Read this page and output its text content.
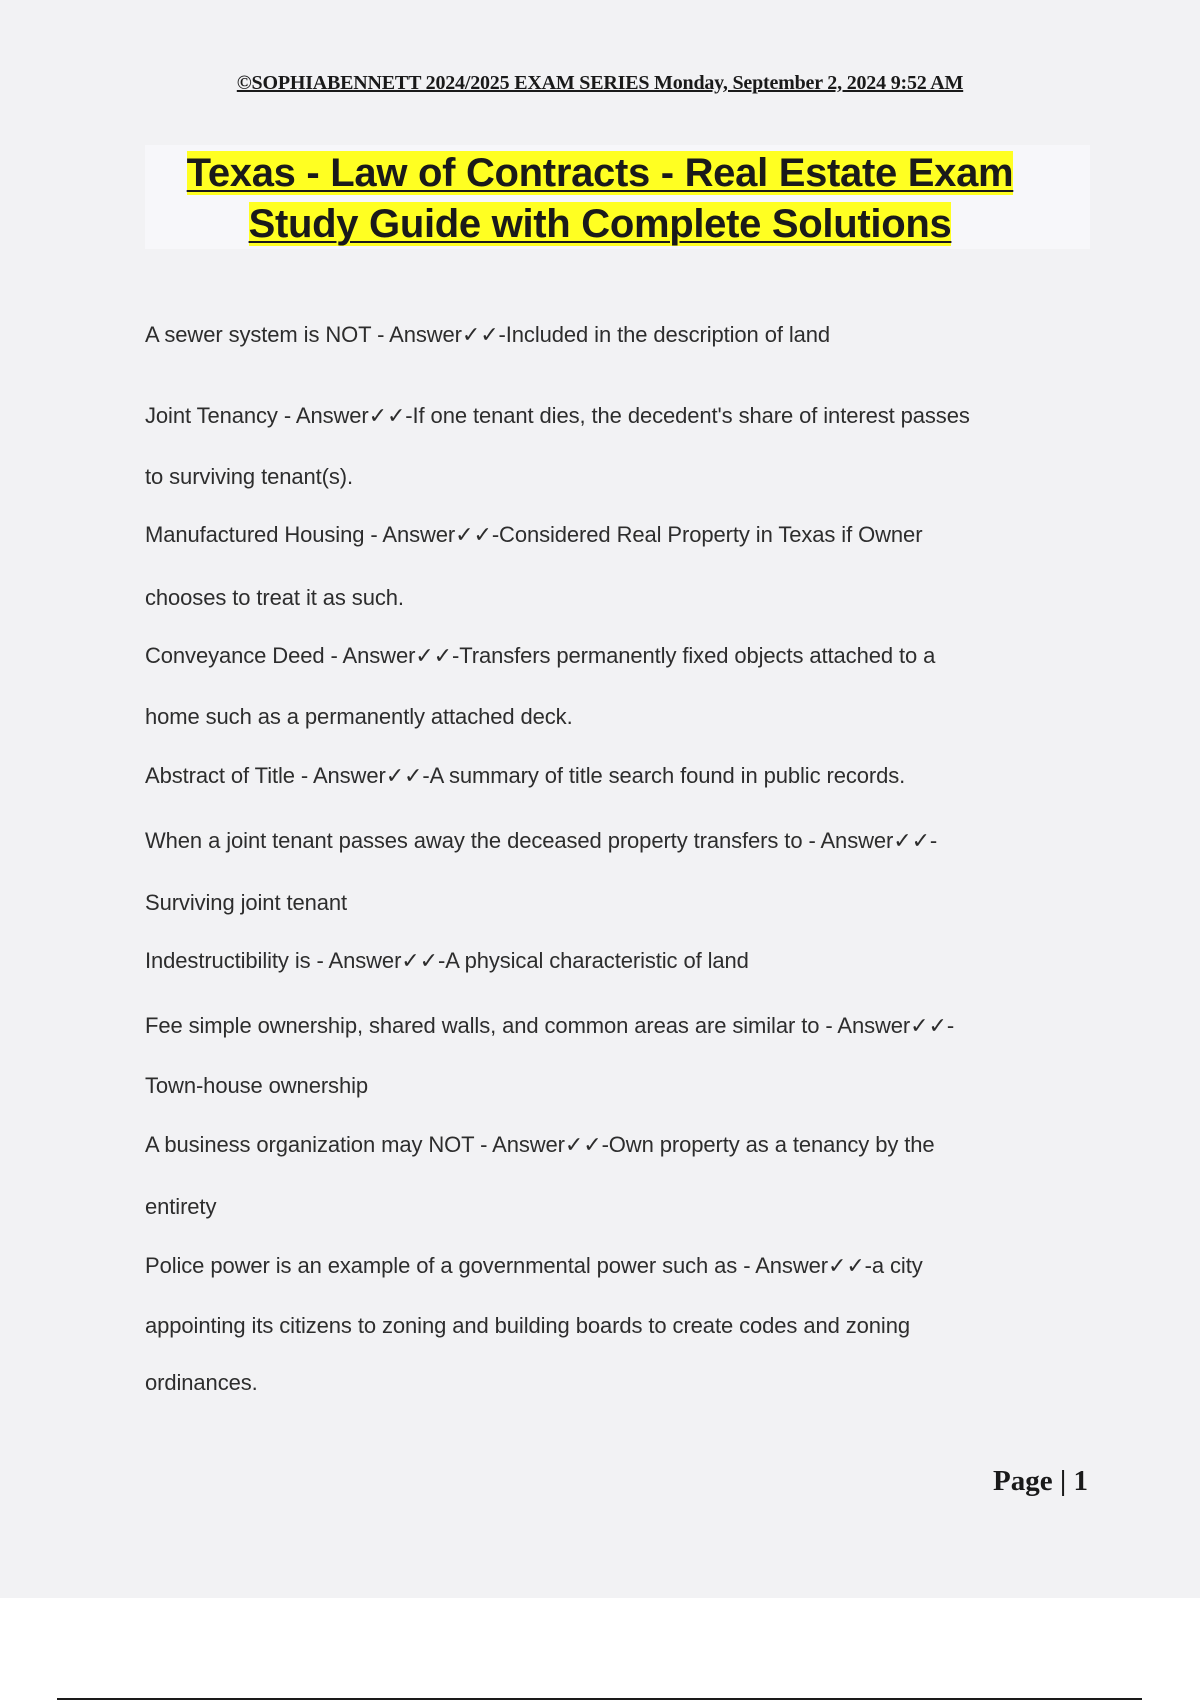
©SOPHIABENNETT 2024/2025 EXAM SERIES Monday, September 2, 2024 9:52 AM
Texas - Law of Contracts - Real Estate Exam
Study Guide with Complete Solutions
A sewer system is NOT - Answer✓✓-Included in the description of land
Joint Tenancy - Answer✓✓-If one tenant dies, the decedent's share of interest passes
to surviving tenant(s).
Manufactured Housing - Answer✓✓-Considered Real Property in Texas if Owner
chooses to treat it as such.
Conveyance Deed - Answer✓✓-Transfers permanently fixed objects attached to a
home such as a permanently attached deck.
Abstract of Title - Answer✓✓-A summary of title search found in public records.
When a joint tenant passes away the deceased property transfers to - Answer✓✓-
Surviving joint tenant
Indestructibility is - Answer✓✓-A physical characteristic of land
Fee simple ownership, shared walls, and common areas are similar to - Answer✓✓-
Town-house ownership
A business organization may NOT - Answer✓✓-Own property as a tenancy by the
entirety
Police power is an example of a governmental power such as - Answer✓✓-a city
appointing its citizens to zoning and building boards to create codes and zoning
ordinances.
Page | 1
